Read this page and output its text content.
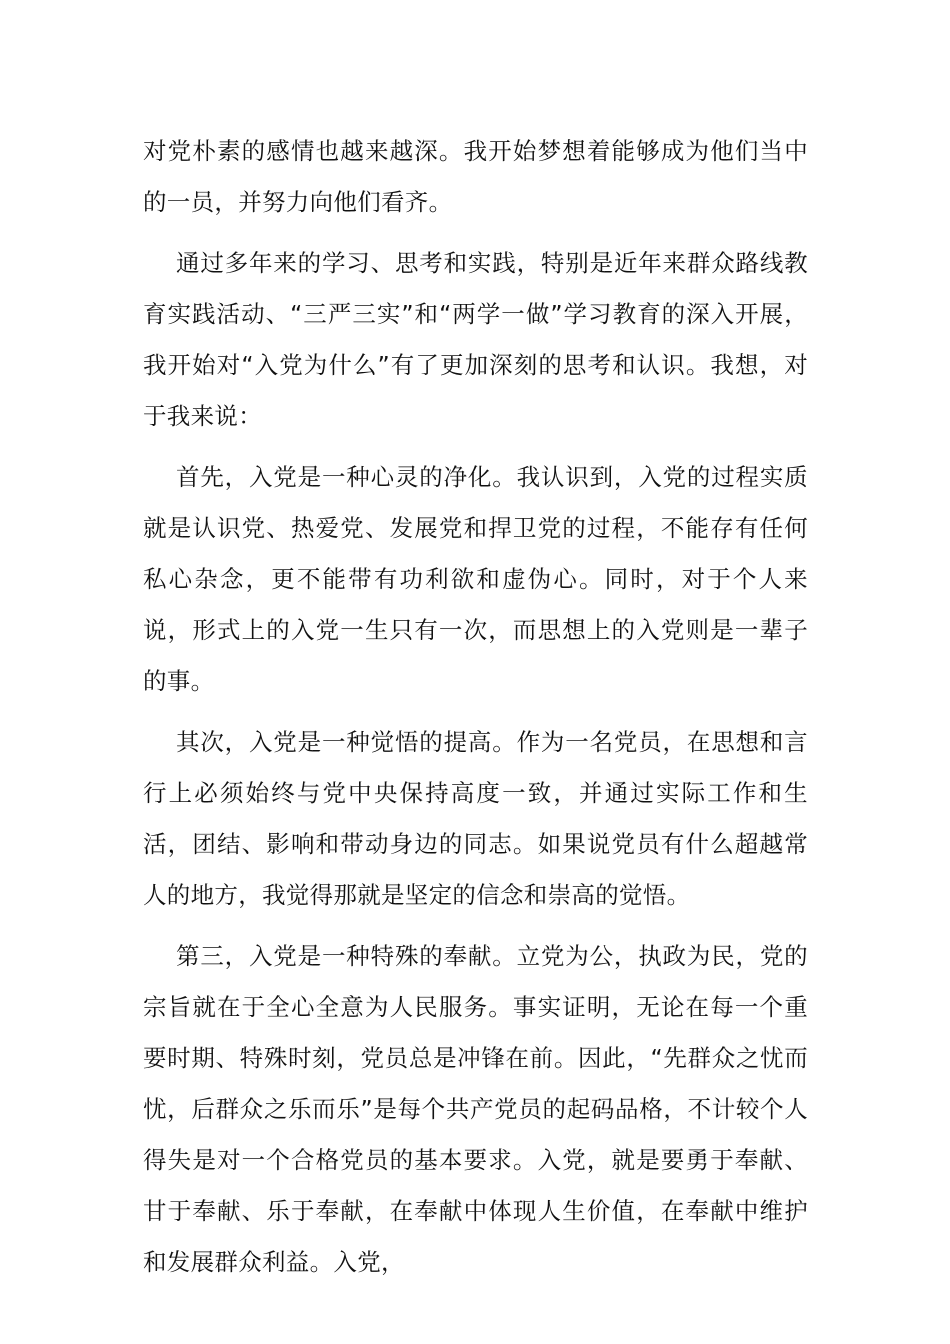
对党朴素的感情也越来越深。我开始梦想着能够成为他们当中的一员，并努力向他们看齐。

通过多年来的学习、思考和实践，特别是近年来群众路线教育实践活动、“三严三实”和“两学一做”学习教育的深入开展，我开始对“入党为什么”有了更加深刻的思考和认识。我想，对于我来说：

首先，入党是一种心灵的净化。我认识到，入党的过程实质就是认识党、热爱党、发展党和捍卫党的过程，不能存有任何私心杂念，更不能带有功利欲和虚伪心。同时，对于个人来说，形式上的入党一生只有一次，而思想上的入党则是一辈子的事。

其次，入党是一种觉悟的提高。作为一名党员，在思想和言行上必须始终与党中央保持高度一致，并通过实际工作和生活，团结、影响和带动身边的同志。如果说党员有什么超越常人的地方，我觉得那就是坚定的信念和崇高的觉悟。

第三，入党是一种特殊的奉献。立党为公，执政为民，党的宗旨就在于全心全意为人民服务。事实证明，无论在每一个重要时期、特殊时刻，党员总是冲锋在前。因此，“先群众之忧而忧，后群众之乐而乐”是每个共产党员的起码品格，不计较个人得失是对一个合格党员的基本要求。入党，就是要勇于奉献、甘于奉献、乐于奉献，在奉献中体现人生价值，在奉献中维护和发展群众利益。入党，
